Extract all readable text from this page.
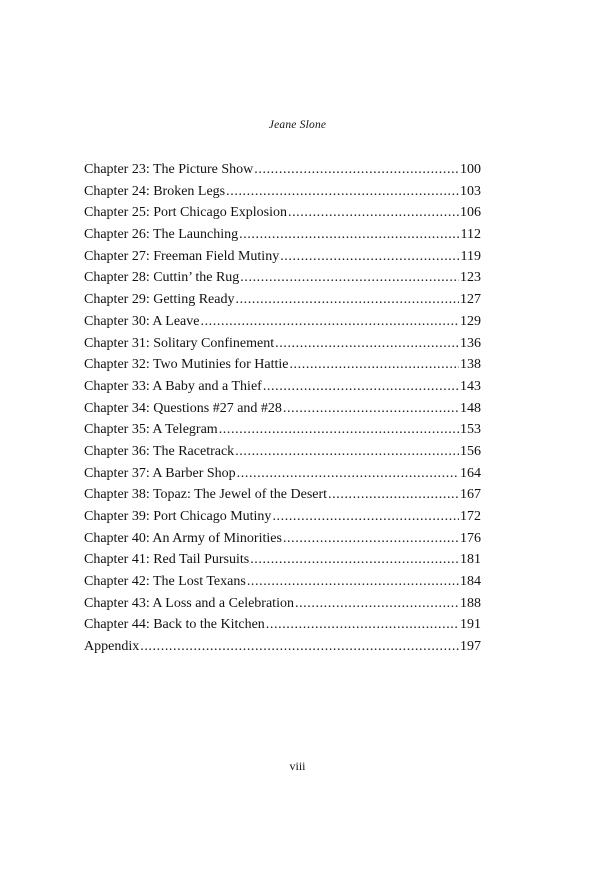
Jeane Slone
Chapter 23: The Picture Show .....	100
Chapter 24: Broken Legs .....	103
Chapter 25: Port Chicago Explosion .....	106
Chapter 26: The Launching .....	112
Chapter 27: Freeman Field Mutiny .....	119
Chapter 28: Cuttin’ the Rug .....	123
Chapter 29: Getting Ready .....	127
Chapter 30: A Leave .....	129
Chapter 31: Solitary Confinement .....	136
Chapter 32: Two Mutinies for Hattie .....	138
Chapter 33: A Baby and a Thief .....	143
Chapter 34: Questions #27 and #28 .....	148
Chapter 35: A Telegram .....	153
Chapter 36: The Racetrack .....	156
Chapter 37: A Barber Shop .....	164
Chapter 38: Topaz: The Jewel of the Desert .....	167
Chapter 39: Port Chicago Mutiny .....	172
Chapter 40: An Army of Minorities .....	176
Chapter 41: Red Tail Pursuits .....	181
Chapter 42: The Lost Texans .....	184
Chapter 43: A Loss and a Celebration .....	188
Chapter 44: Back to the Kitchen .....	191
Appendix .....	197
viii
